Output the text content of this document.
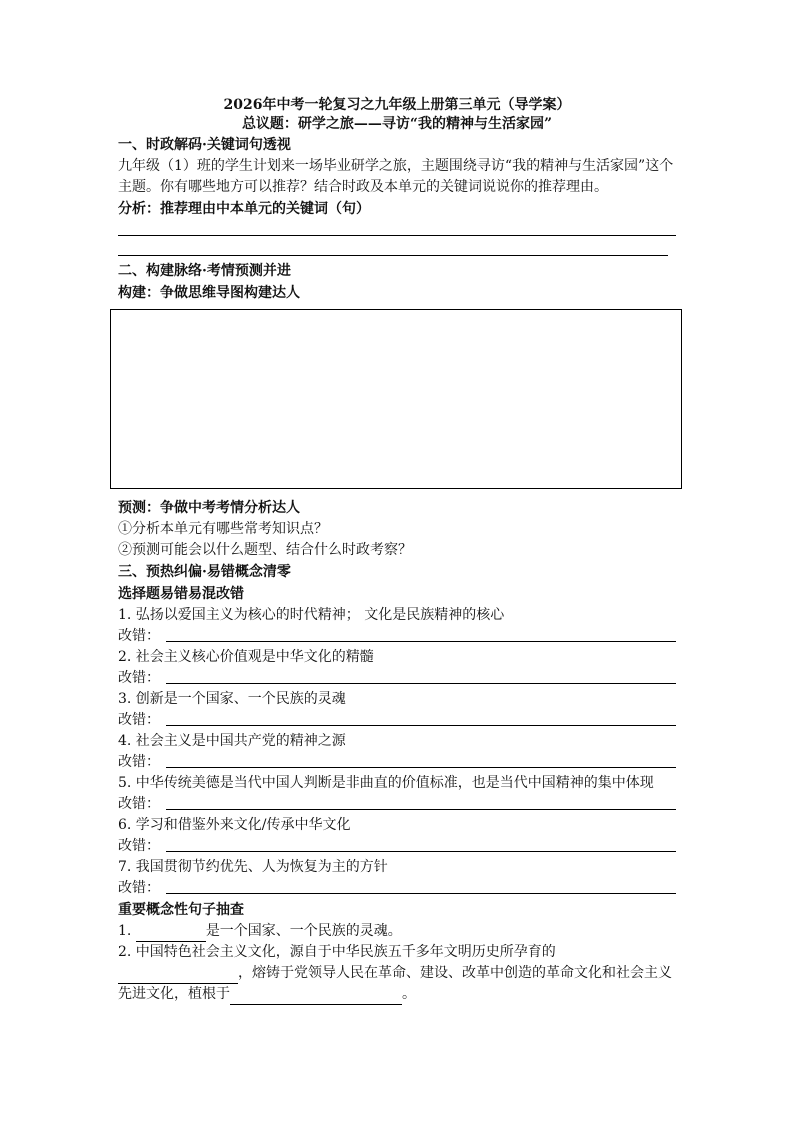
2026年中考一轮复习之九年级上册第三单元（导学案）
总议题：研学之旅——寻访“我的精神与生活家园”
一、时政解码·关键词句透视
九年级（1）班的学生计划来一场毕业研学之旅，主题围绕寻访“我的精神与生活家园”这个主题。你有哪些地方可以推荐？结合时政及本单元的关键词说说你的推荐理由。
分析：推荐理由中本单元的关键词（句）
二、构建脉络·考情预测并进
构建：争做思维导图构建达人
预测：争做中考考情分析达人
①分析本单元有哪些常考知识点？
②预测可能会以什么题型、结合什么时政考察？
三、预热纠偏·易错概念清零
选择题易错易混改错
1. 弘扬以爱国主义为核心的时代精神； 文化是民族精神的核心
改错：
2. 社会主义核心价值观是中华文化的精髓
改错：
3. 创新是一个国家、一个民族的灵魂
改错：
4. 社会主义是中国共产党的精神之源
改错：
5. 中华传统美德是当代中国人判断是非曲直的价值标准，也是当代中国精神的集中体现
改错：
6. 学习和借鉴外来文化/传承中华文化
改错：
7. 我国贯彻节约优先、人为恢复为主的方针
改错：
重要概念性句子抽查
1.	是一个国家、一个民族的灵魂。
2. 中国特色社会主义文化，源自于中华民族五千多年文明历史所孕育的
，熔铸于党领导人民在革命、建设、改革中创造的革命文化和社会主义先进文化，植根于	。
